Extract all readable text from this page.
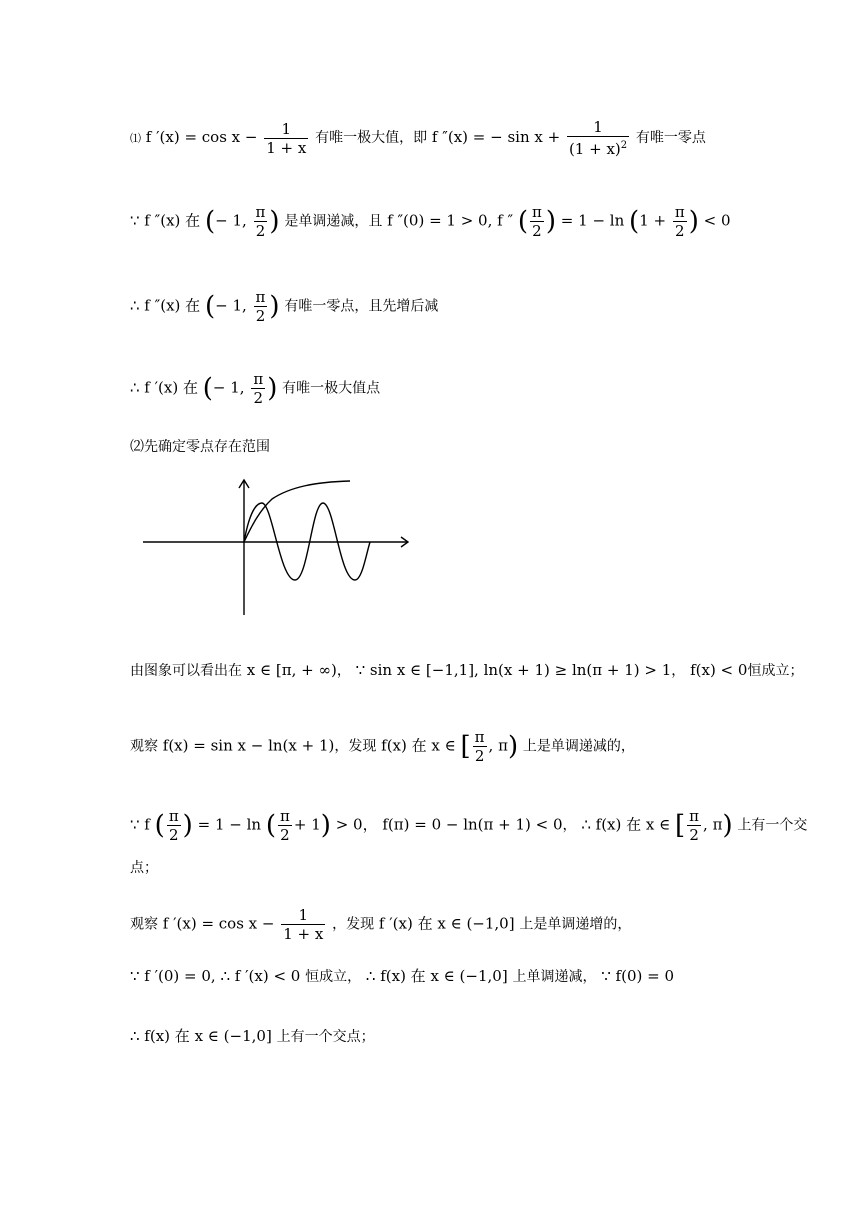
⑴ f $'(x) = \cos x - \frac{1}{1 + x}$ 有唯一极大值，即 f ″(x) = − $\sin x + \frac{1}{(1 + x)^2}$ 有唯一零点
∵ f ″(x) 在 (− 1, $\frac{\pi}{2}$ ) 是单调递减，且 f ″(0) = 1 > 0, f ″ ( $\frac{\pi}{2}$ ) = $1 - \ln (1 + \frac{\pi}{2}$ ) < 0
∴ f ″(x) 在 (− 1, $\frac{\pi}{2}$ ) 有唯一零点，且先增后减
∴ f ′(x) 在 (− 1, $\frac{\pi}{2}$ ) 有唯一极大值点
⑵先确定零点存在范围
由图象可以看出在 x ∈ [π, + ∞)， ∵ sin x ∈ [−1,1], ln(x + 1) ≥ ln(π + 1) > 1， f(x) < 0恒成立；
观察 f(x) = sin x − ln(x + 1)，发现 f(x) 在 x ∈ [ $\frac{\pi}{2}$ , π) 上是单调递减的，
∵ f ( $\frac{\pi}{2}$ ) = 1 − ln ( $\frac{\pi}{2} + 1) > 0$， f(π) = 0 − ln(π + 1) < 0， ∴ f(x) 在 x ∈ [ $\frac{\pi}{2}$ , π) 上有一个交
点；
观察 f $'(x) = \cos x - \frac{1}{1 + x}$ ，发现 f ′(x) 在 x ∈ (−1,0] 上是单调递增的，
∵ f ′(0) = 0, ∴ f ′(x) < 0 恒成立， ∴ f(x) 在 x ∈ (−1,0] 上单调递减， ∵ f(0) = 0
∴ f(x) 在 x ∈ (−1,0] 上有一个交点；
